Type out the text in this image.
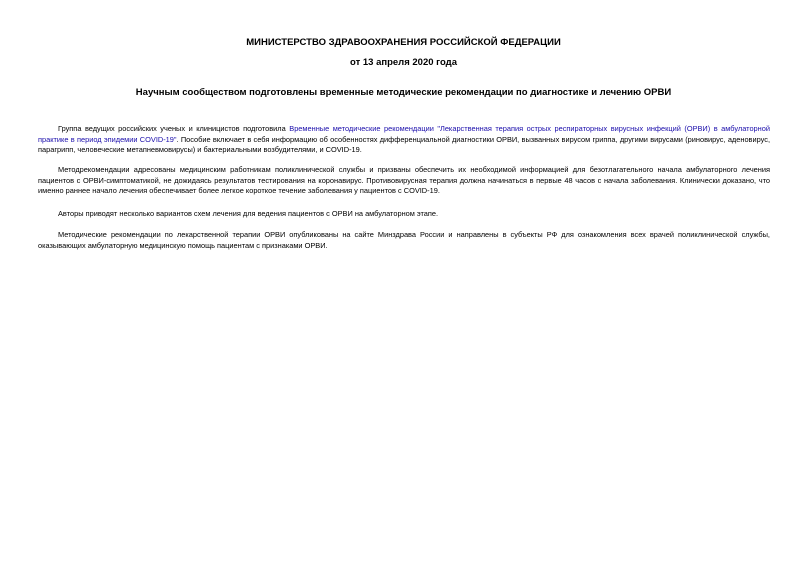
МИНИСТЕРСТВО ЗДРАВООХРАНЕНИЯ РОССИЙСКОЙ ФЕДЕРАЦИИ
от 13 апреля 2020 года
Научным сообществом подготовлены временные методические рекомендации по диагностике и лечению ОРВИ

Группа ведущих российских ученых и клиницистов подготовила Временные методические рекомендации "Лекарственная терапия острых респираторных вирусных инфекций (ОРВИ) в амбулаторной практике в период эпидемии COVID-19". Пособие включает в себя информацию об особенностях дифференциальной диагностики ОРВИ, вызванных вирусом гриппа, другими вирусами (риновирус, аденовирус, парагрипп, человеческие метапневмовирусы) и бактериальными возбудителями, и COVID-19.

Методрекомендации адресованы медицинским работникам поликлинической службы и призваны обеспечить их необходимой информацией для безотлагательного начала амбулаторного лечения пациентов с ОРВИ-симптоматикой, не дожидаясь результатов тестирования на коронавирус. Противовирусная терапия должна начинаться в первые 48 часов с начала заболевания. Клинически доказано, что именно раннее начало лечения обеспечивает более легкое короткое течение заболевания у пациентов с COVID-19.

Авторы приводят несколько вариантов схем лечения для ведения пациентов с ОРВИ на амбулаторном этапе.

Методические рекомендации по лекарственной терапии ОРВИ опубликованы на сайте Минздрава России и направлены в субъекты РФ для ознакомления всех врачей поликлинической службы, оказывающих амбулаторную медицинскую помощь пациентам с признаками ОРВИ.
